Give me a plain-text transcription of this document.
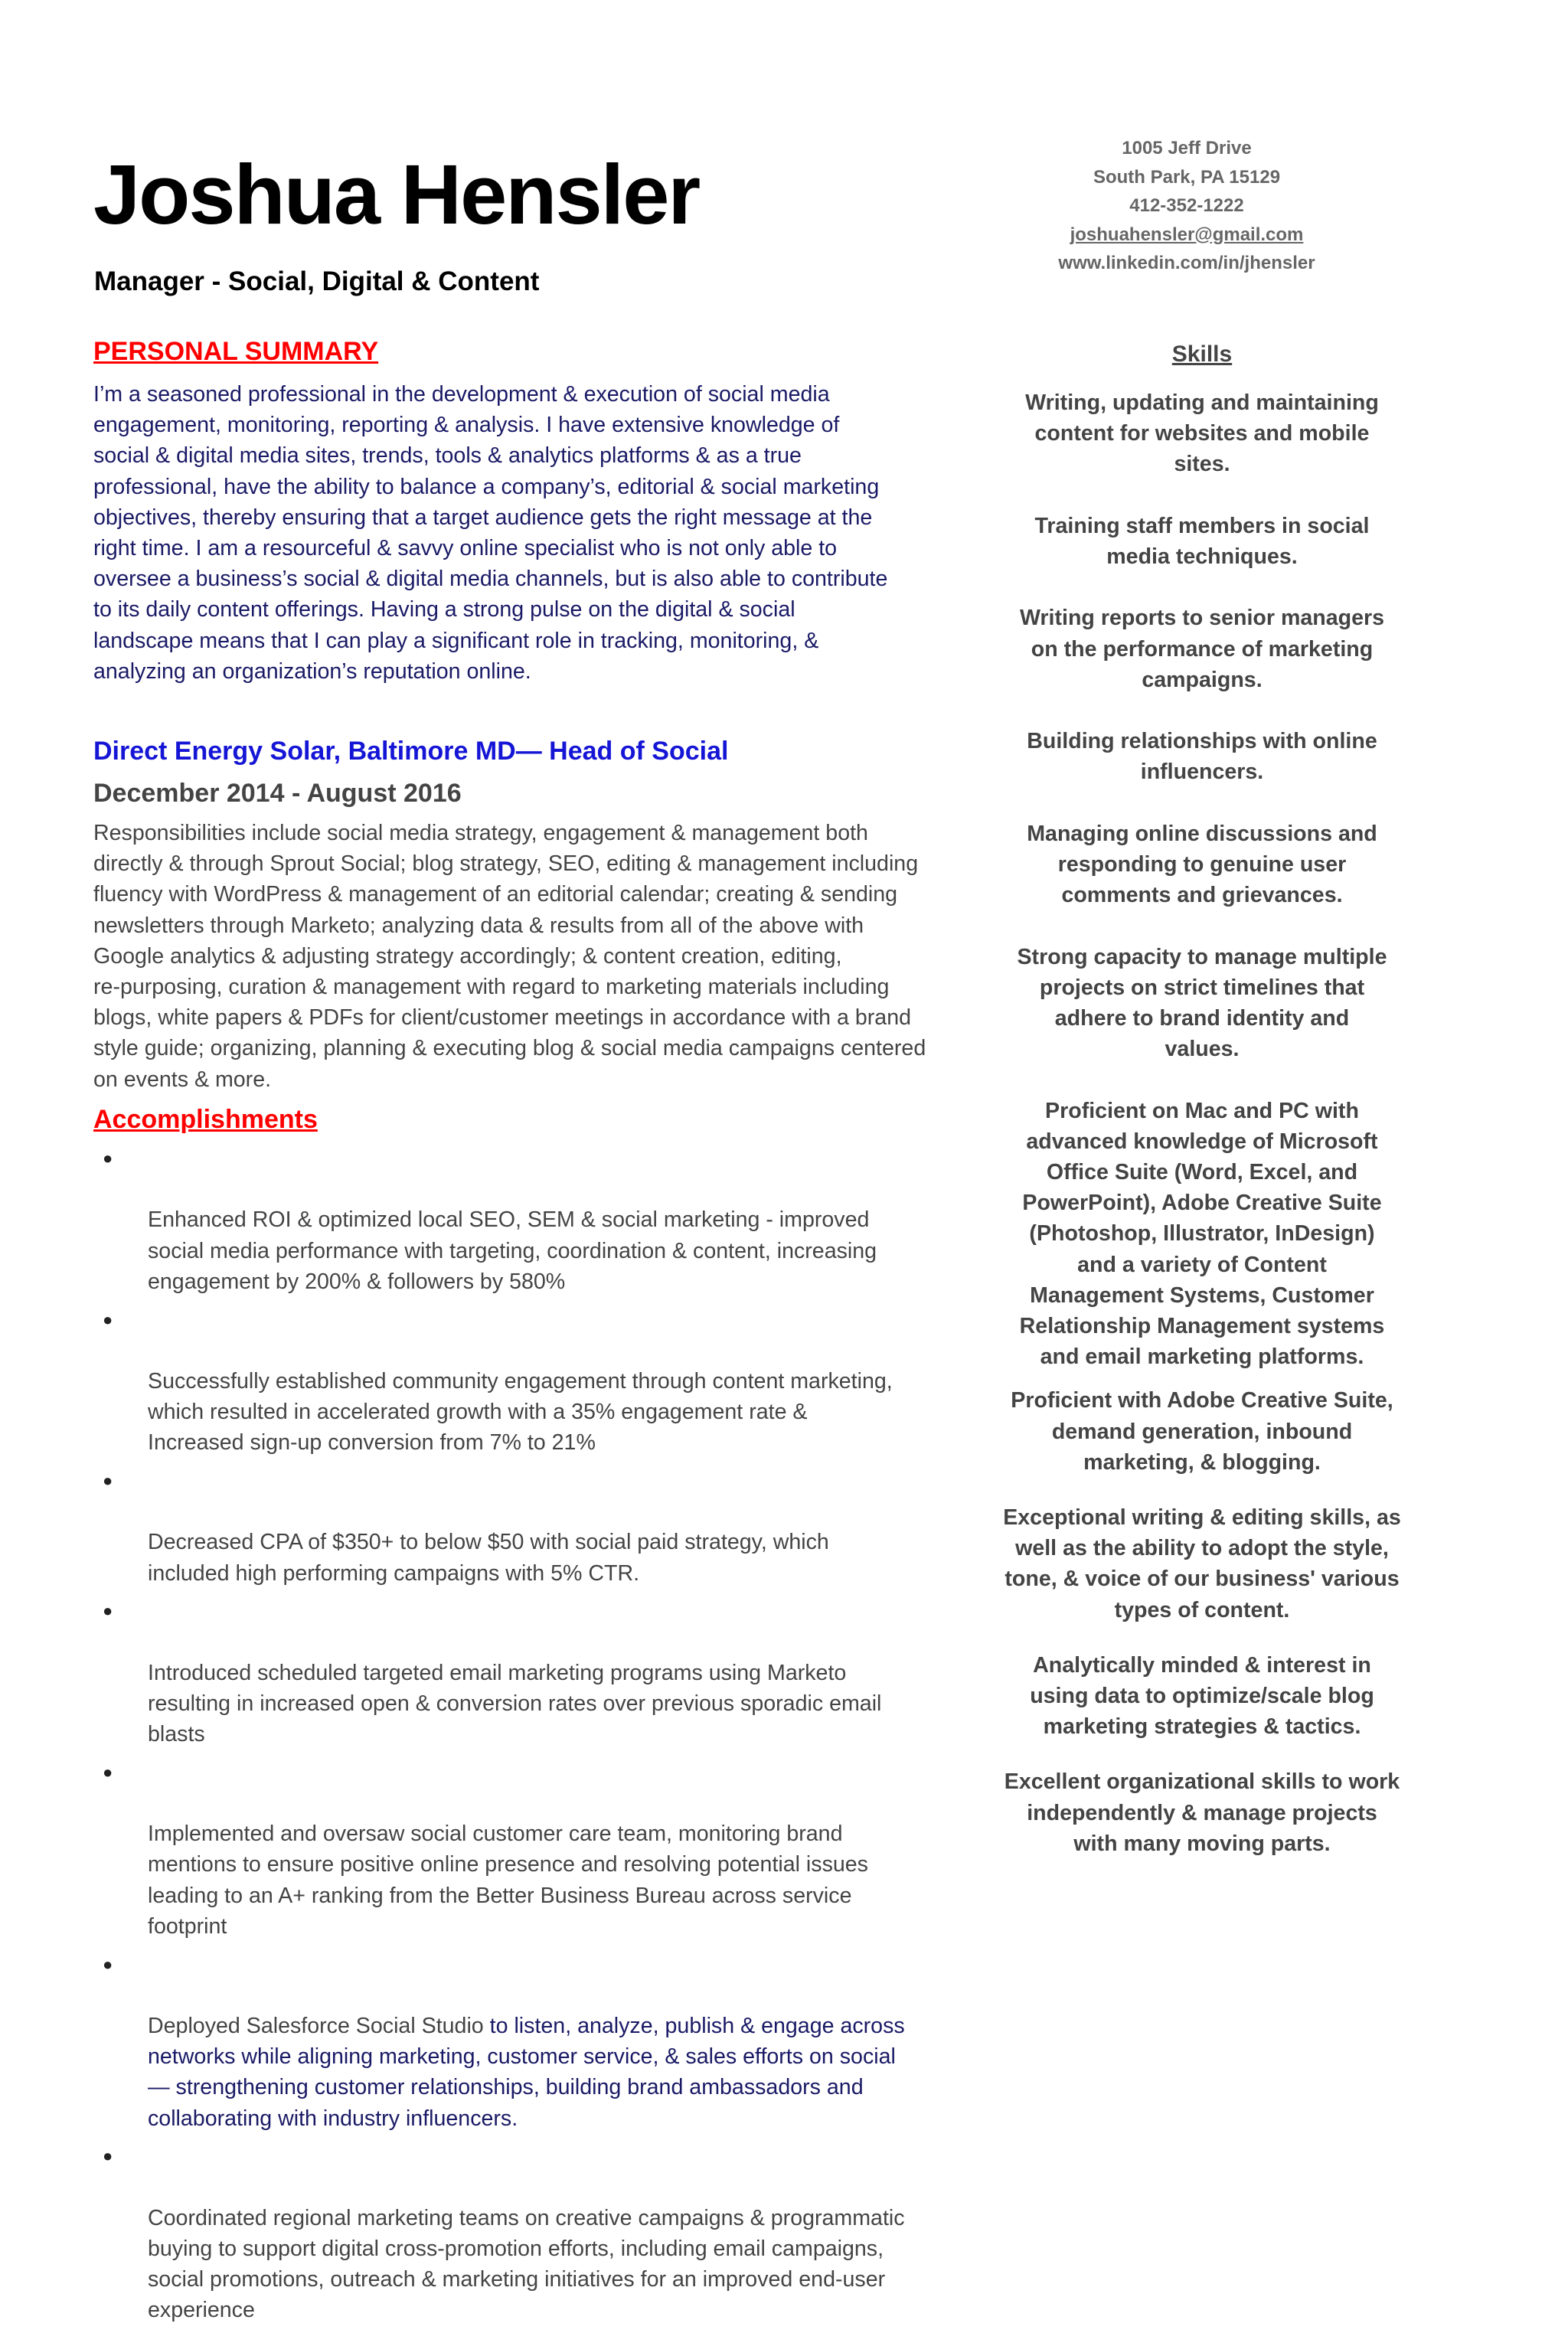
Joshua Hensler
Manager - Social, Digital & Content
1005 Jeff Drive
South Park, PA 15129
412-352-1222
joshuahensler@gmail.com
www.linkedin.com/in/jhensler
PERSONAL SUMMARY

I’m a seasoned professional in the development & execution of social media
engagement, monitoring, reporting & analysis. I have extensive knowledge of
social & digital media sites, trends, tools & analytics platforms & as a true
professional, have the ability to balance a company’s, editorial & social marketing
objectives, thereby ensuring that a target audience gets the right message at the
right time. I am a resourceful & savvy online specialist who is not only able to
oversee a business’s social & digital media channels, but is also able to contribute
to its daily content offerings. Having a strong pulse on the digital & social
landscape means that I can play a significant role in tracking, monitoring, &
analyzing an organization’s reputation online.

Direct Energy Solar, Baltimore MD— Head of Social
December 2014 - August 2016

Responsibilities include social media strategy, engagement & management both
directly & through Sprout Social; blog strategy, SEO, editing & management including
fluency with WordPress & management of an editorial calendar; creating & sending
newsletters through Marketo; analyzing data & results from all of the above with
Google analytics & adjusting strategy accordingly; & content creation, editing,
re-purposing, curation & management with regard to marketing materials including
blogs, white papers & PDFs for client/customer meetings in accordance with a brand
style guide; organizing, planning & executing blog & social media campaigns centered
on events & more.

Accomplishments

●

Enhanced ROI & optimized local SEO, SEM & social marketing - improved
social media performance with targeting, coordination & content, increasing
engagement by 200% & followers by 580%

●

Successfully established community engagement through content marketing,
which resulted in accelerated growth with a 35% engagement rate &
Increased sign-up conversion from 7% to 21%

●

Decreased CPA of $350+ to below $50 with social paid strategy, which
included high performing campaigns with 5% CTR.

●

Introduced scheduled targeted email marketing programs using Marketo
resulting in increased open & conversion rates over previous sporadic email
blasts

●

Implemented and oversaw social customer care team, monitoring brand
mentions to ensure positive online presence and resolving potential issues
leading to an A+ ranking from the Better Business Bureau across service
footprint

●

Deployed Salesforce Social Studio to listen, analyze, publish & engage across
networks while aligning marketing, customer service, & sales efforts on social
— strengthening customer relationships, building brand ambassadors and
collaborating with industry influencers.

●

Coordinated regional marketing teams on creative campaigns & programmatic
buying to support digital cross-promotion efforts, including email campaigns,
social promotions, outreach & marketing initiatives for an improved end-user
experience

Skills
Writing, updating and maintaining
content for websites and mobile
sites.
Training staff members in social
media techniques.
Writing reports to senior managers
on the performance of marketing
campaigns.
Building relationships with online
influencers.
Managing online discussions and
responding to genuine user
comments and grievances.
Strong capacity to manage multiple
projects on strict timelines that
adhere to brand identity and
values.
Proficient on Mac and PC with
advanced knowledge of Microsoft
Office Suite (Word, Excel, and
PowerPoint), Adobe Creative Suite
(Photoshop, Illustrator, InDesign)
and a variety of Content
Management Systems, Customer
Relationship Management systems
and email marketing platforms.
Proficient with Adobe Creative Suite,
demand generation, inbound
marketing, & blogging.
Exceptional writing & editing skills, as
well as the ability to adopt the style,
tone, & voice of our business' various
types of content.
Analytically minded & interest in
using data to optimize/scale blog
marketing strategies & tactics.
Excellent organizational skills to work
independently & manage projects
with many moving parts.
